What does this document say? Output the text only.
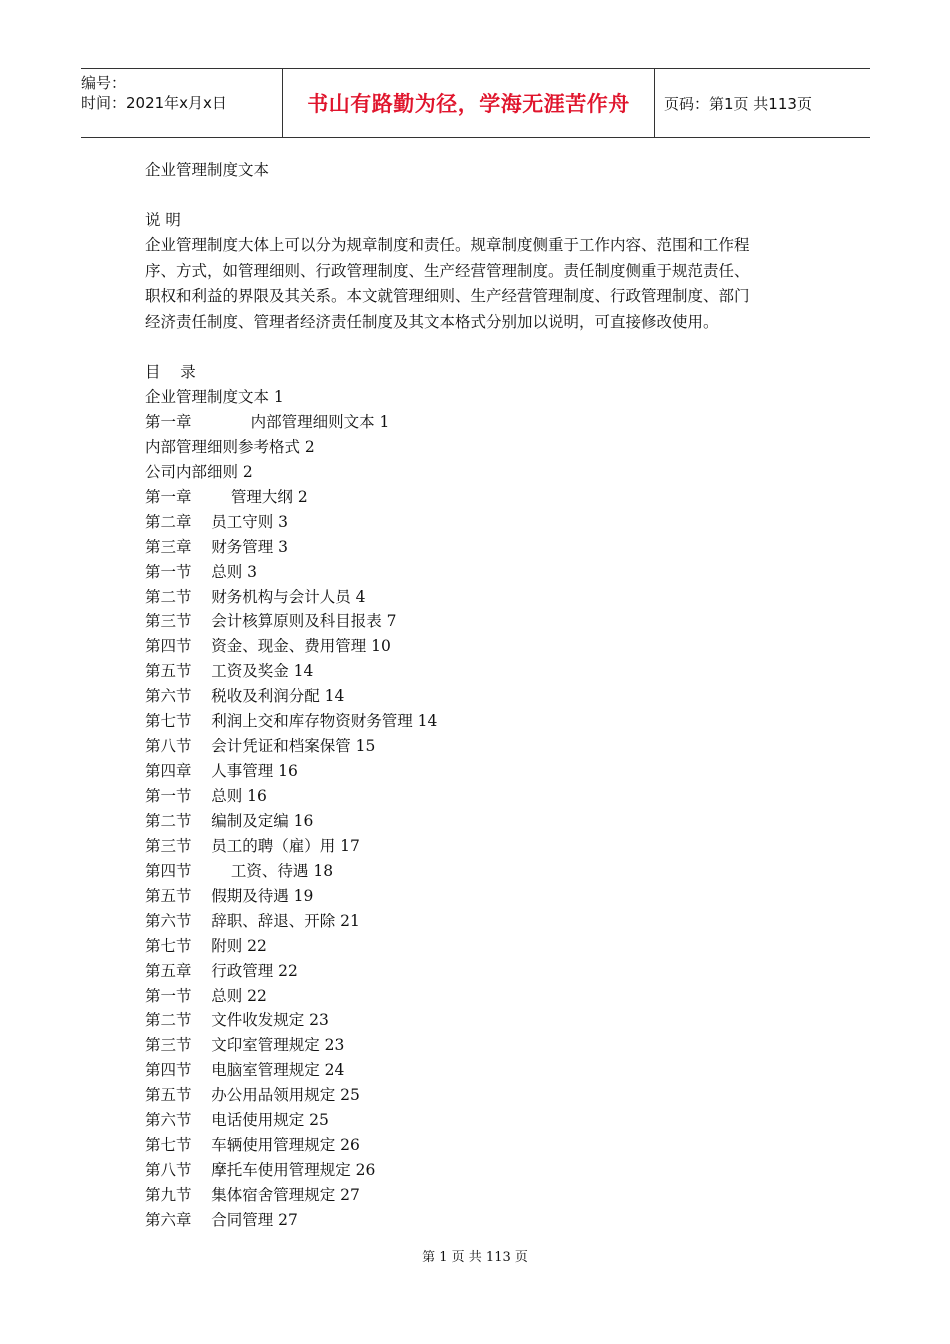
编号：
时间：2021年x月x日	书山有路勤为径，学海无涯苦作舟	页码：第1页 共113页
企业管理制度文本
说 明
企业管理制度大体上可以分为规章制度和责任。规章制度侧重于工作内容、范围和工作程
序、方式，如管理细则、行政管理制度、生产经营管理制度。责任制度侧重于规范责任、
职权和利益的界限及其关系。本文就管理细则、生产经营管理制度、行政管理制度、部门
经济责任制度、管理者经济责任制度及其文本格式分别加以说明，可直接修改使用。
目    录
企业管理制度文本 1
第一章            内部管理细则文本 1
内部管理细则参考格式 2
公司内部细则 2
第一章        管理大纲 2
第二章    员工守则 3
第三章    财务管理 3
第一节    总则 3
第二节    财务机构与会计人员 4
第三节    会计核算原则及科目报表 7
第四节    资金、现金、费用管理 10
第五节    工资及奖金 14
第六节    税收及利润分配 14
第七节    利润上交和库存物资财务管理 14
第八节    会计凭证和档案保管 15
第四章    人事管理 16
第一节    总则 16
第二节    编制及定编 16
第三节    员工的聘（雇）用 17
第四节        工资、待遇 18
第五节    假期及待遇 19
第六节    辞职、辞退、开除 21
第七节    附则 22
第五章    行政管理 22
第一节    总则 22
第二节    文件收发规定 23
第三节    文印室管理规定 23
第四节    电脑室管理规定 24
第五节    办公用品领用规定 25
第六节    电话使用规定 25
第七节    车辆使用管理规定 26
第八节    摩托车使用管理规定 26
第九节    集体宿舍管理规定 27
第六章    合同管理 27
第 1 页 共 113 页
